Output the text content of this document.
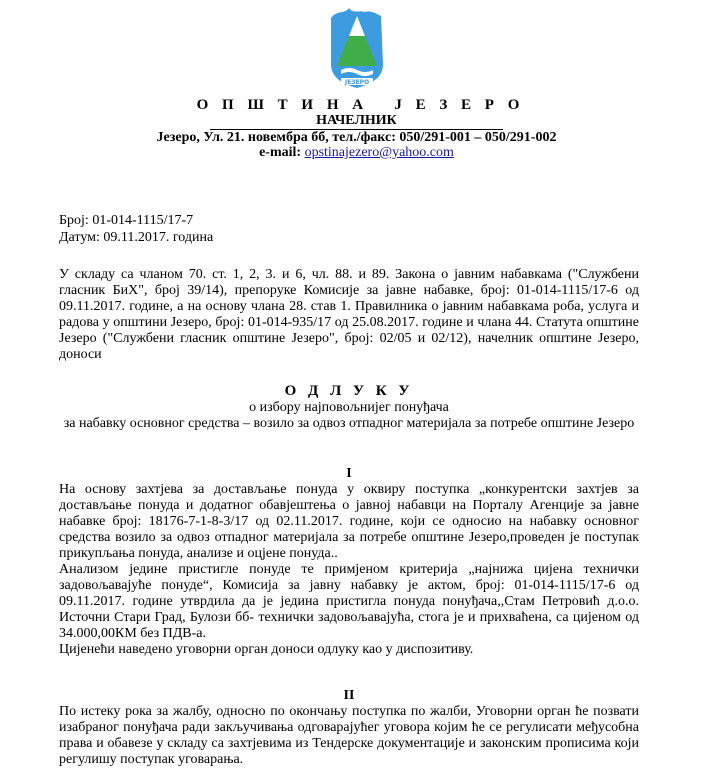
ЈЕЗЕРО
О П Ш Т И Н А   Ј Е З Е Р О
НАЧЕЛНИК
Језеро, Ул. 21. новембра бб, тел./факс: 050/291-001 – 050/291-002
e-mail: opstinajezero@yahoo.com
Број: 01-014-1115/17-7
Датум: 09.11.2017. година
У складу са чланом 70. ст. 1, 2, 3. и 6, чл. 88. и 89. Закона о јавним набавкама ("Службени гласник БиХ", број 39/14), препоруке Комисије за јавне набавке, број: 01-014-1115/17-6 од 09.11.2017. године, а на основу члана 28. став 1. Правилника о јавним набавкама роба, услуга и радова у општини Језеро, број: 01-014-935/17 од 25.08.2017. године и члана 44. Статута општине Језеро ("Службени гласник општине Језеро", број: 02/05 и 02/12), начелник општине Језеро, доноси
О Д Л У К У
о избору најповољнијег понуђача
за набавку основног средства – возило за одвоз отпадног материјала за потребе општине Језеро
I

На основу захтјева за достављање понуда у оквиру поступка „конкурентски захтјев за достављање понуда и додатног обавјештења о јавној набавци на Порталу Агенције за јавне набавке број: 18176-7-1-8-3/17 од 02.11.2017. године, који се односио на набавку основног средства возило за одвоз отпадног материјала за потребе општине Језеро,проведен је поступак прикупљања понуда, анализе и оцјене понуда..

Анализом једине пристигле понуде те примјеном критерија „најнижа цијена технички задовољавајуће понуде“, Комисија за јавну набавку је актом, број: 01-014-1115/17-6 од 09.11.2017. године утврдила да је једина пристигла понуда понуђача,,Стам Петровић д.о.о. Источни Стари Град, Булози бб- технички задовољавајућа, стога је и прихваћена, са цијеном од 34.000,00КМ без ПДВ-а.

Цијенећи наведено уговорни орган доноси одлуку као у диспозитиву.

II

По истеку рока за жалбу, односно по окончању поступка по жалби, Уговорни орган ће позвати изабраног понуђача ради закључивања одговарајућег уговора којим ће се регулисати међусобна права и обавезе у складу са захтјевима из Тендерске документације и законским прописима који регулишу поступак уговарања.
